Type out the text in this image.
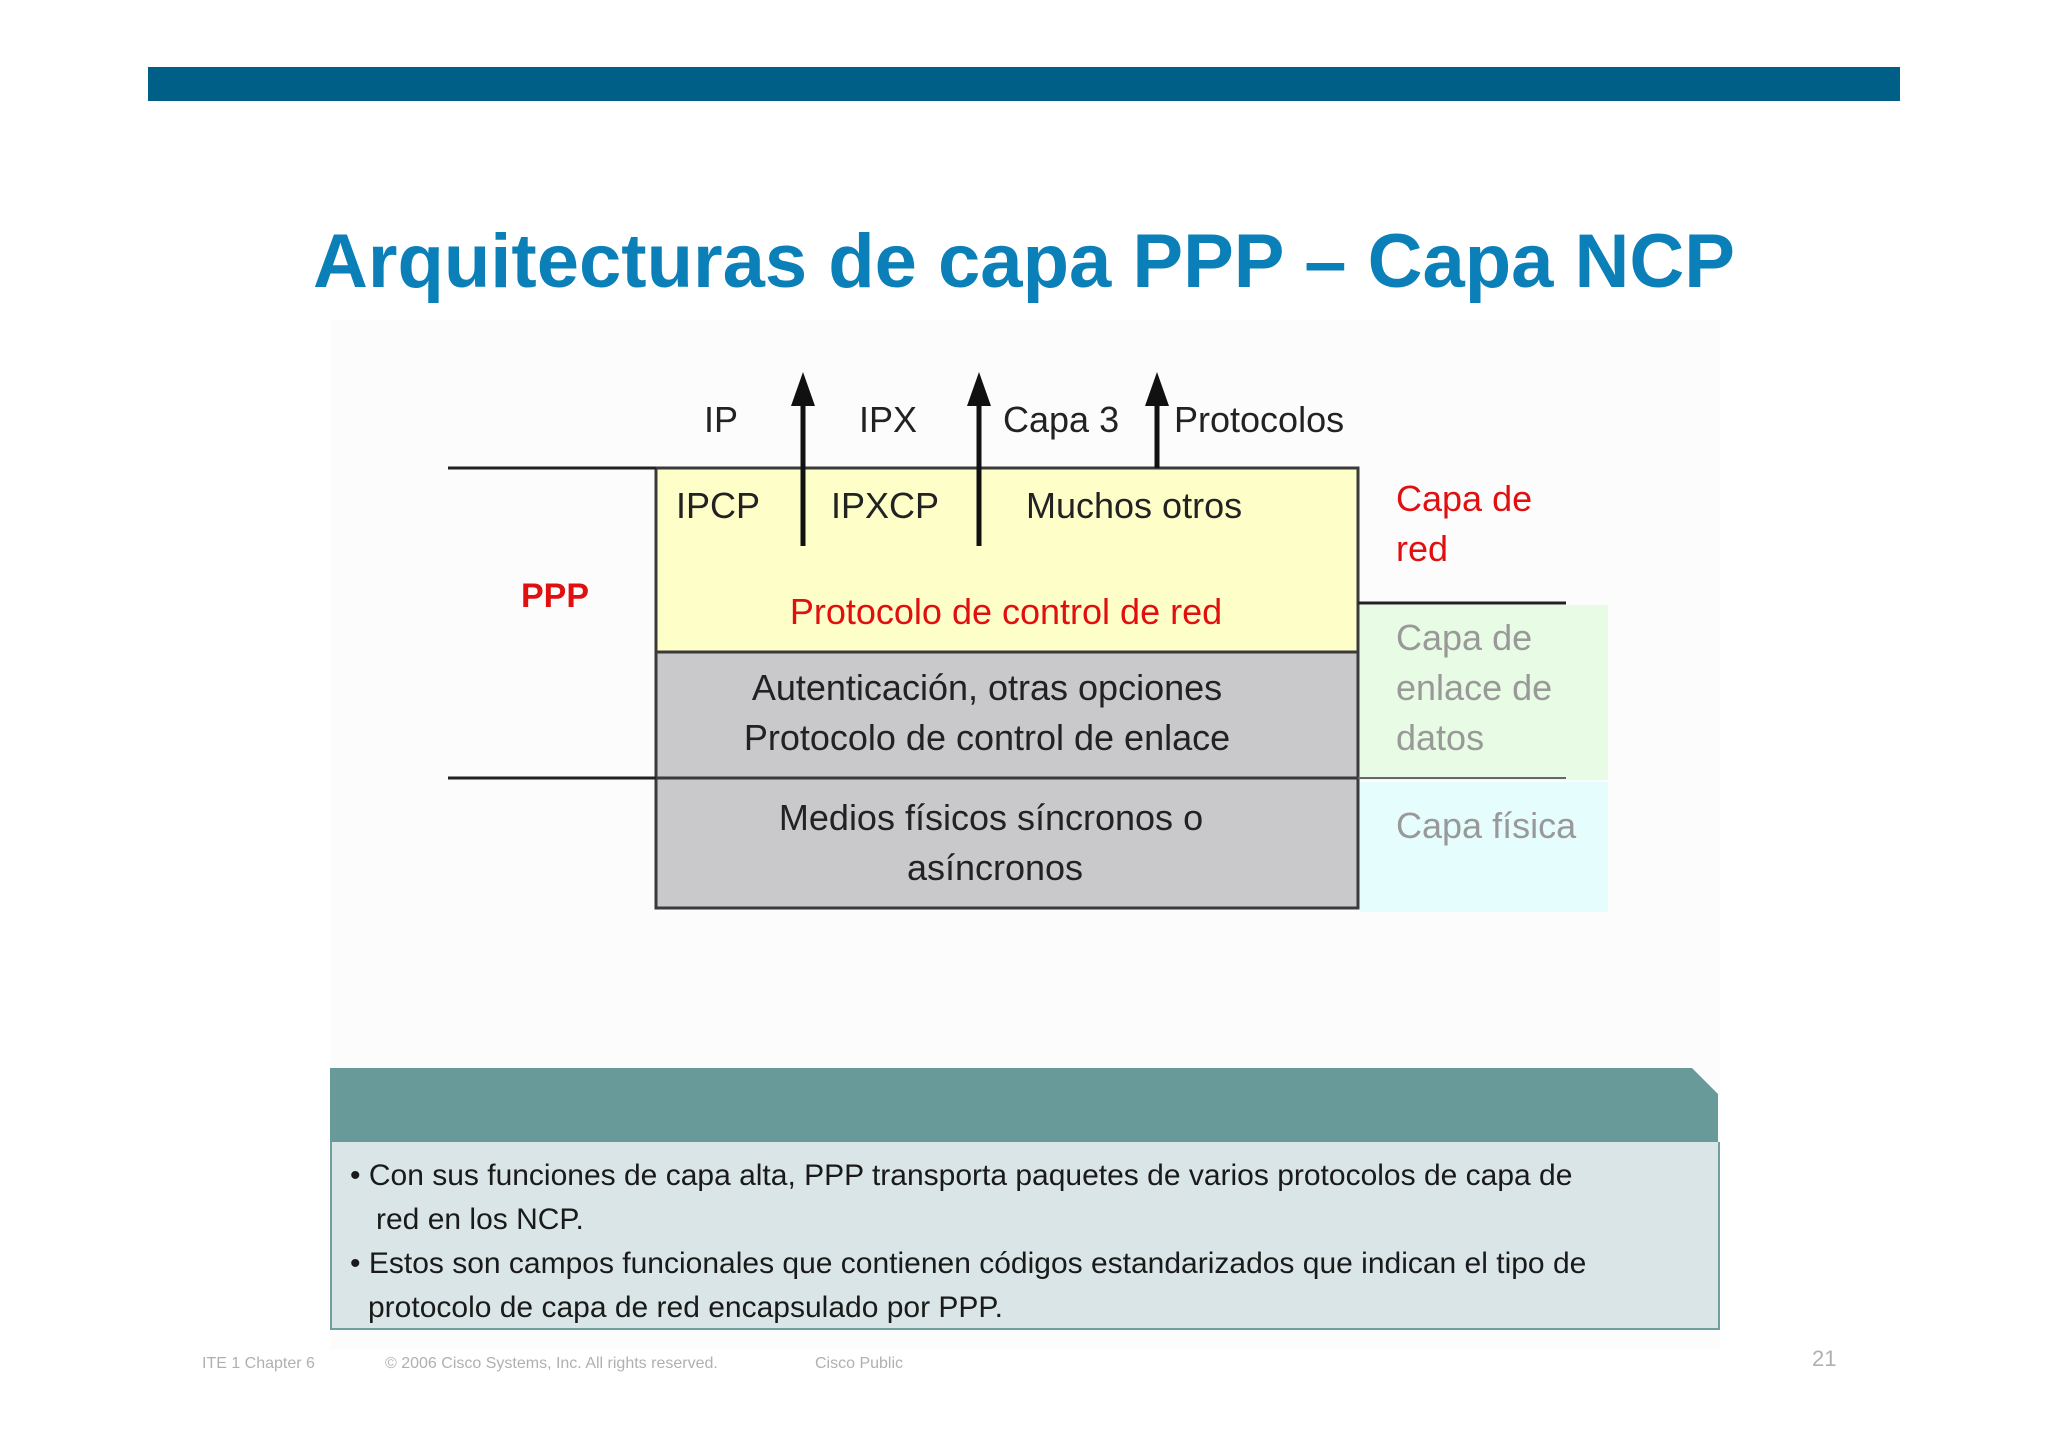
Arquitecturas de capa PPP – Capa NCP
IP	IPX Capa 3 Protocolos
IPCP IPXCP Muchos otros
Protocolo de control de red
PPP
Autenticación, otras opciones
Protocolo de control de enlace
Medios físicos síncronos o
asíncronos
Capa de
red
Capa de
enlace de
datos
Capa física
• Con sus funciones de capa alta, PPP transporta paquetes de varios protocolos de capa de
red en los NCP.
• Estos son campos funcionales que contienen códigos estandarizados que indican el tipo de
protocolo de capa de red encapsulado por PPP.
ITE 1 Chapter 6	© 2006 Cisco Systems, Inc. All rights reserved.	Cisco Public	21
